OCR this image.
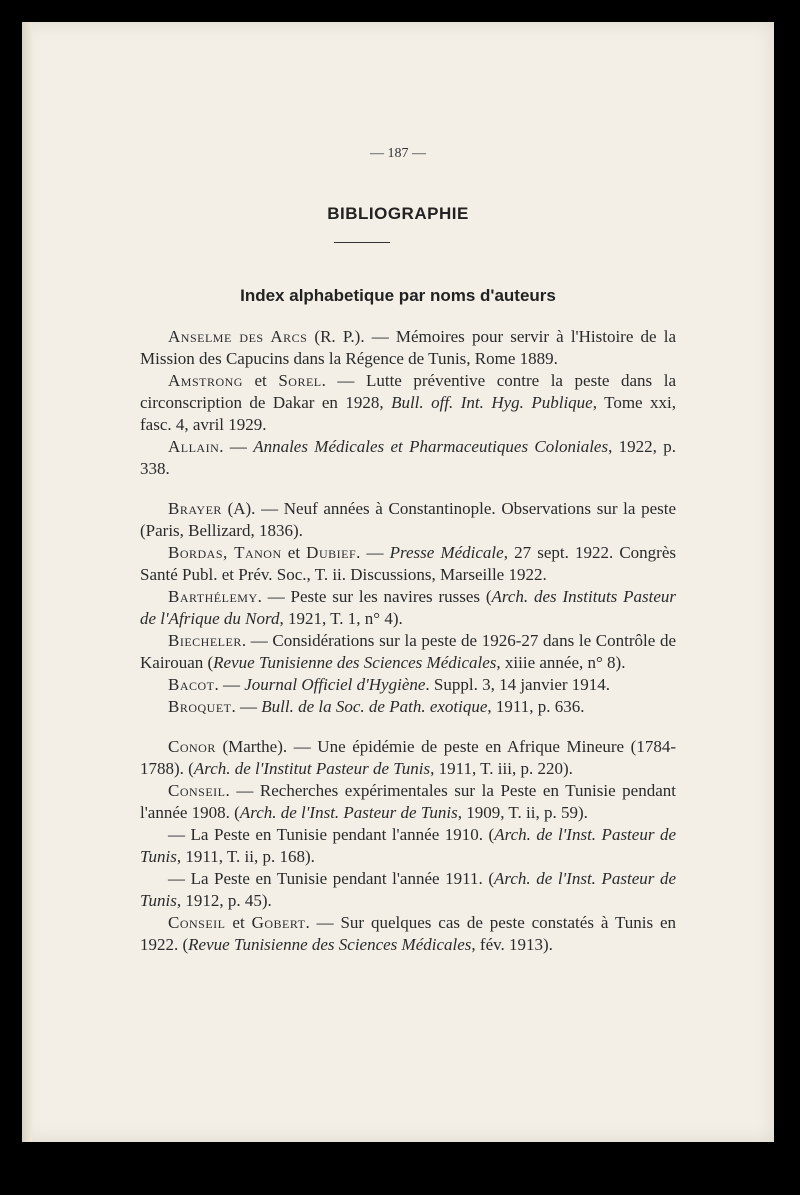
— 187 —
BIBLIOGRAPHIE
Index alphabetique par noms d'auteurs

Anselme des Arcs (R. P.). — Mémoires pour servir à l'Histoire de la Mission des Capucins dans la Régence de Tunis, Rome 1889.

Amstrong et Sorel. — Lutte préventive contre la peste dans la circonscription de Dakar en 1928, Bull. off. Int. Hyg. Publique, Tome xxi, fasc. 4, avril 1929.

Allain. — Annales Médicales et Pharmaceutiques Coloniales, 1922, p. 338.

Brayer (A). — Neuf années à Constantinople. Observations sur la peste (Paris, Bellizard, 1836).

Bordas, Tanon et Dubief. — Presse Médicale, 27 sept. 1922. Congrès Santé Publ. et Prév. Soc., T. ii. Discussions, Marseille 1922.

Barthélemy. — Peste sur les navires russes (Arch. des Instituts Pasteur de l'Afrique du Nord, 1921, T. 1, n° 4).

Biecheler. — Considérations sur la peste de 1926-27 dans le Contrôle de Kairouan (Revue Tunisienne des Sciences Médicales, xiiie année, n° 8).

Bacot. — Journal Officiel d'Hygiène. Suppl. 3, 14 janvier 1914.

Broquet. — Bull. de la Soc. de Path. exotique, 1911, p. 636.

Conor (Marthe). — Une épidémie de peste en Afrique Mineure (1784-1788). (Arch. de l'Institut Pasteur de Tunis, 1911, T. iii, p. 220).

Conseil. — Recherches expérimentales sur la Peste en Tunisie pendant l'année 1908. (Arch. de l'Inst. Pasteur de Tunis, 1909, T. ii, p. 59).

— La Peste en Tunisie pendant l'année 1910. (Arch. de l'Inst. Pasteur de Tunis, 1911, T. ii, p. 168).

— La Peste en Tunisie pendant l'année 1911. (Arch. de l'Inst. Pasteur de Tunis, 1912, p. 45).

Conseil et Gobert. — Sur quelques cas de peste constatés à Tunis en 1922. (Revue Tunisienne des Sciences Médicales, fév. 1913).
